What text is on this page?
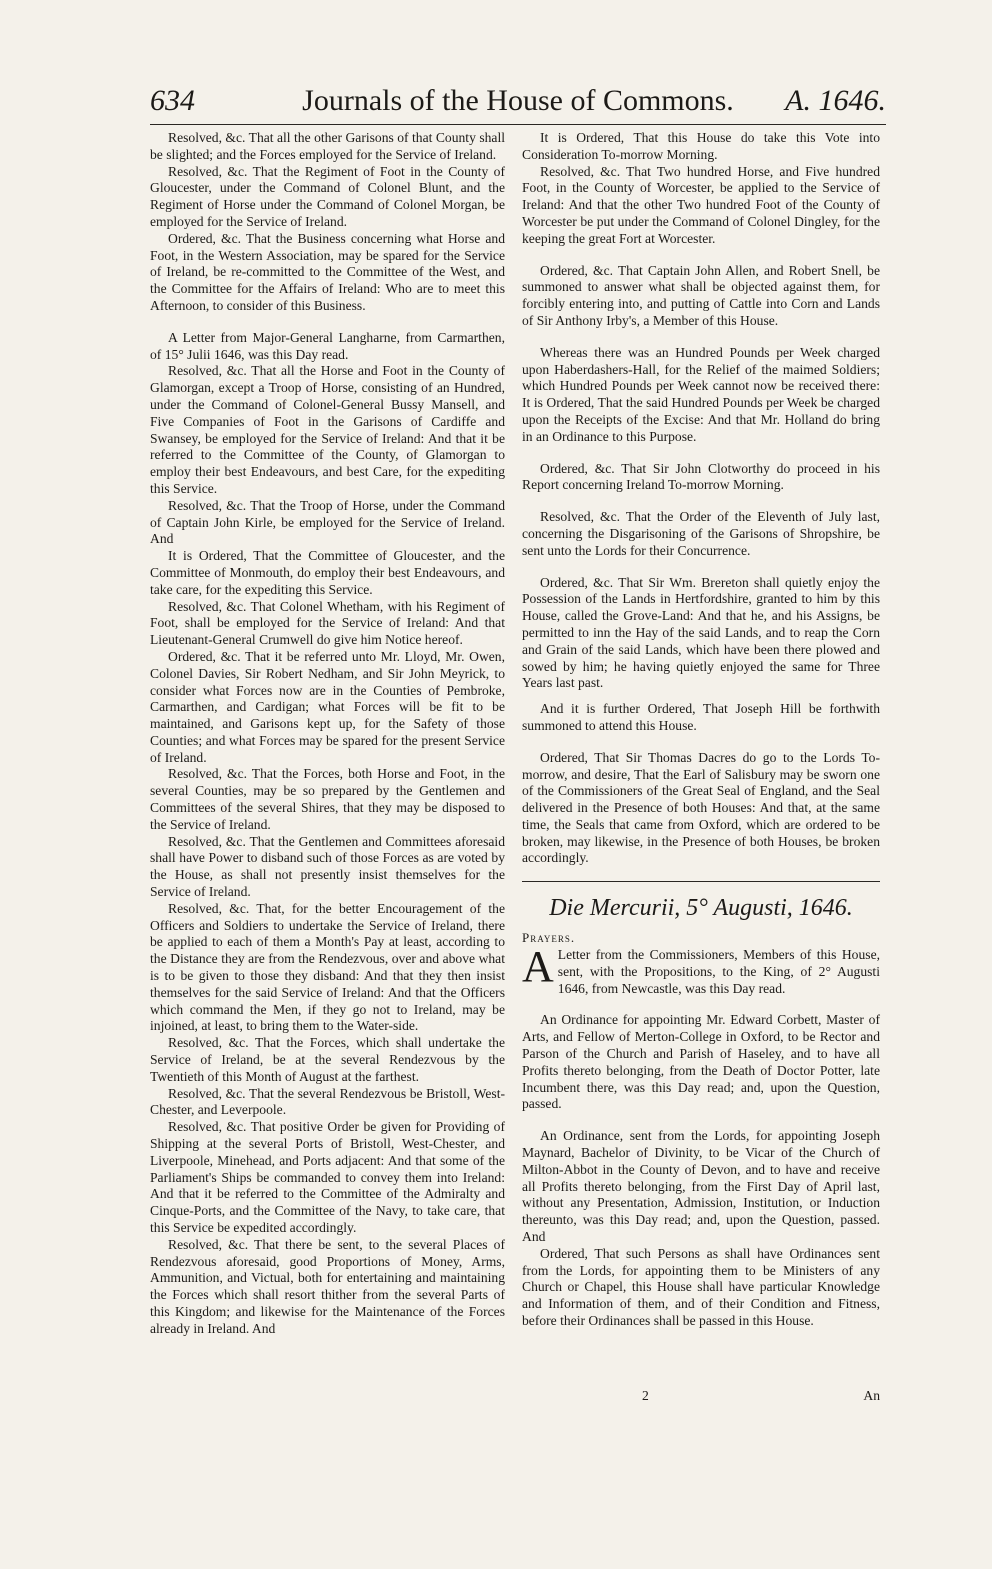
634	Journals of the House of Commons.	A. 1646.

Resolved, &c. That all the other Garisons of that County shall be slighted; and the Forces employed for the Service of Ireland.

Resolved, &c. That the Regiment of Foot in the County of Gloucester, under the Command of Colonel Blunt, and the Regiment of Horse under the Command of Colonel Morgan, be employed for the Service of Ireland.

Ordered, &c. That the Business concerning what Horse and Foot, in the Western Association, may be spared for the Service of Ireland, be re-committed to the Committee of the West, and the Committee for the Affairs of Ireland: Who are to meet this Afternoon, to consider of this Business.

A Letter from Major-General Langharne, from Carmarthen, of 15° Julii 1646, was this Day read.

Resolved, &c. That all the Horse and Foot in the County of Glamorgan, except a Troop of Horse, consisting of an Hundred, under the Command of Colonel-General Bussy Mansell, and Five Companies of Foot in the Garisons of Cardiffe and Swansey, be employed for the Service of Ireland: And that it be referred to the Committee of the County, of Glamorgan to employ their best Endeavours, and best Care, for the expediting this Service.

Resolved, &c. That the Troop of Horse, under the Command of Captain John Kirle, be employed for the Service of Ireland. And

It is Ordered, That the Committee of Gloucester, and the Committee of Monmouth, do employ their best Endeavours, and take care, for the expediting this Service.

Resolved, &c. That Colonel Whetham, with his Regiment of Foot, shall be employed for the Service of Ireland: And that Lieutenant-General Crumwell do give him Notice hereof.

Ordered, &c. That it be referred unto Mr. Lloyd, Mr. Owen, Colonel Davies, Sir Robert Nedham, and Sir John Meyrick, to consider what Forces now are in the Counties of Pembroke, Carmarthen, and Cardigan; what Forces will be fit to be maintained, and Garisons kept up, for the Safety of those Counties; and what Forces may be spared for the present Service of Ireland.

Resolved, &c. That the Forces, both Horse and Foot, in the several Counties, may be so prepared by the Gentlemen and Committees of the several Shires, that they may be disposed to the Service of Ireland.

Resolved, &c. That the Gentlemen and Committees aforesaid shall have Power to disband such of those Forces as are voted by the House, as shall not presently insist themselves for the Service of Ireland.

Resolved, &c. That, for the better Encouragement of the Officers and Soldiers to undertake the Service of Ireland, there be applied to each of them a Month's Pay at least, according to the Distance they are from the Rendezvous, over and above what is to be given to those they disband: And that they then insist themselves for the said Service of Ireland: And that the Officers which command the Men, if they go not to Ireland, may be injoined, at least, to bring them to the Water-side.

Resolved, &c. That the Forces, which shall undertake the Service of Ireland, be at the several Rendezvous by the Twentieth of this Month of August at the farthest.

Resolved, &c. That the several Rendezvous be Bristoll, West-Chester, and Leverpoole.

Resolved, &c. That positive Order be given for Providing of Shipping at the several Ports of Bristoll, West-Chester, and Liverpoole, Minehead, and Ports adjacent: And that some of the Parliament's Ships be commanded to convey them into Ireland: And that it be referred to the Committee of the Admiralty and Cinque-Ports, and the Committee of the Navy, to take care, that this Service be expedited accordingly.

Resolved, &c. That there be sent, to the several Places of Rendezvous aforesaid, good Proportions of Money, Arms, Ammunition, and Victual, both for entertaining and maintaining the Forces which shall resort thither from the several Parts of this Kingdom; and likewise for the Maintenance of the Forces already in Ireland. And

It is Ordered, That this House do take this Vote into Consideration To-morrow Morning.

Resolved, &c. That Two hundred Horse, and Five hundred Foot, in the County of Worcester, be applied to the Service of Ireland: And that the other Two hundred Foot of the County of Worcester be put under the Command of Colonel Dingley, for the keeping the great Fort at Worcester.

Ordered, &c. That Captain John Allen, and Robert Snell, be summoned to answer what shall be objected against them, for forcibly entering into, and putting of Cattle into Corn and Lands of Sir Anthony Irby's, a Member of this House.

Whereas there was an Hundred Pounds per Week charged upon Haberdashers-Hall, for the Relief of the maimed Soldiers; which Hundred Pounds per Week cannot now be received there: It is Ordered, That the said Hundred Pounds per Week be charged upon the Receipts of the Excise: And that Mr. Holland do bring in an Ordinance to this Purpose.

Ordered, &c. That Sir John Clotworthy do proceed in his Report concerning Ireland To-morrow Morning.

Resolved, &c. That the Order of the Eleventh of July last, concerning the Disgarisoning of the Garisons of Shropshire, be sent unto the Lords for their Concurrence.

Ordered, &c. That Sir Wm. Brereton shall quietly enjoy the Possession of the Lands in Hertfordshire, granted to him by this House, called the Grove-Land: And that he, and his Assigns, be permitted to inn the Hay of the said Lands, and to reap the Corn and Grain of the said Lands, which have been there plowed and sowed by him; he having quietly enjoyed the same for Three Years last past.

And it is further Ordered, That Joseph Hill be forthwith summoned to attend this House.

Ordered, That Sir Thomas Dacres do go to the Lords To-morrow, and desire, That the Earl of Salisbury may be sworn one of the Commissioners of the Great Seal of England, and the Seal delivered in the Presence of both Houses: And that, at the same time, the Seals that came from Oxford, which are ordered to be broken, may likewise, in the Presence of both Houses, be broken accordingly.

Die Mercurii, 5° Augusti, 1646.

Prayers.

A Letter from the Commissioners, Members of this House, sent, with the Propositions, to the King, of 2° Augusti 1646, from Newcastle, was this Day read.

An Ordinance for appointing Mr. Edward Corbett, Master of Arts, and Fellow of Merton-College in Oxford, to be Rector and Parson of the Church and Parish of Haseley, and to have all Profits thereto belonging, from the Death of Doctor Potter, late Incumbent there, was this Day read; and, upon the Question, passed.

An Ordinance, sent from the Lords, for appointing Joseph Maynard, Bachelor of Divinity, to be Vicar of the Church of Milton-Abbot in the County of Devon, and to have and receive all Profits thereto belonging, from the First Day of April last, without any Presentation, Admission, Institution, or Induction thereunto, was this Day read; and, upon the Question, passed. And

Ordered, That such Persons as shall have Ordinances sent from the Lords, for appointing them to be Ministers of any Church or Chapel, this House shall have particular Knowledge and Information of them, and of their Condition and Fitness, before their Ordinances shall be passed in this House.

2	An
